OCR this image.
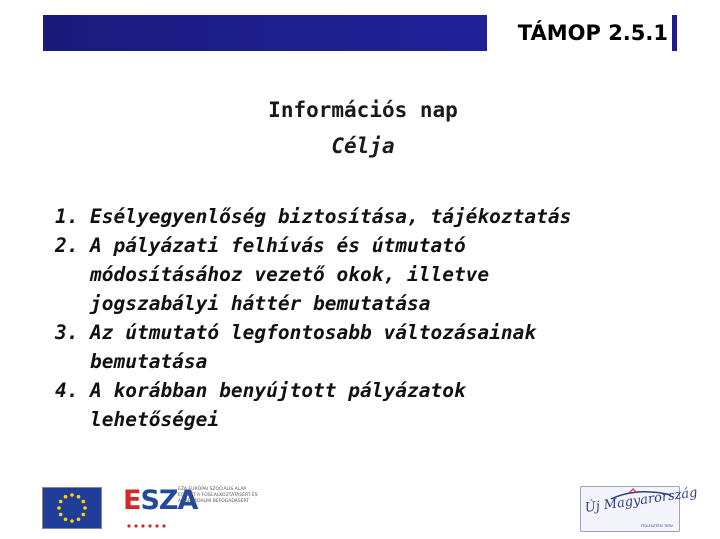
TÁMOP 2.5.1
Információs nap
Célja
1. Esélyegyenlőség biztosítása, tájékoztatás
2. A pályázati felhívás és útmutató
módosításához vezető okok, illetve
jogszabályi háttér bemutatása
3. Az útmutató legfontosabb változásainak
bemutatása
4. A korábban benyújtott pályázatok
lehetőségei
ESZA
EZA EURÓPAI SZOCIÁLIS ALAP
EGYÜTT A FOGLALKOZTATÁSÉRT ÉS
A TÁRSADALMI BEFOGADÁSÉRT	Új Magyarország
FEJLESZTÉSI TERV
